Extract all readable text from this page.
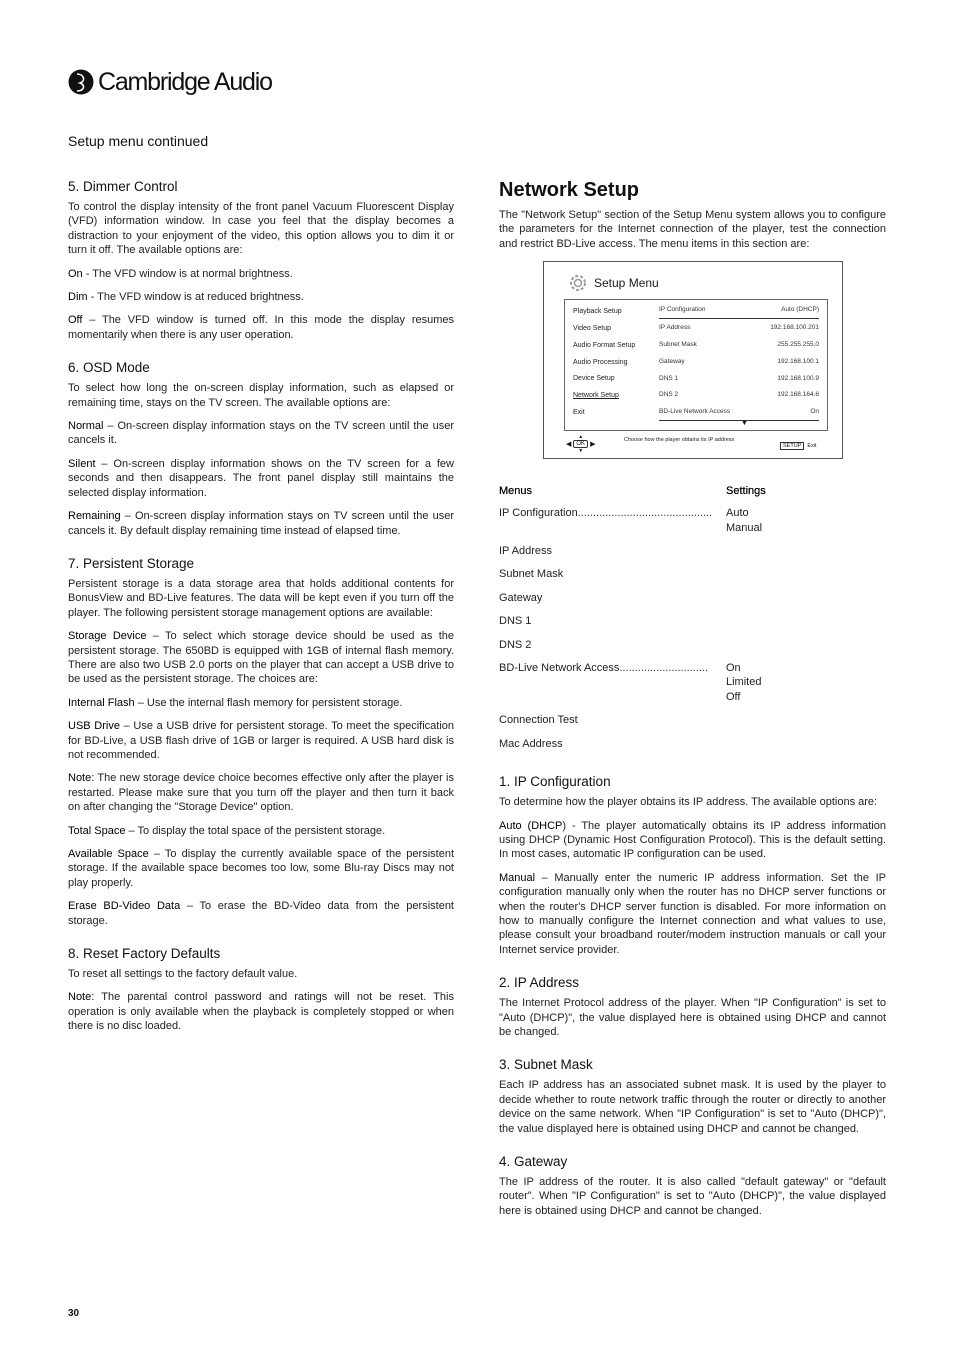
Cambridge Audio
Setup menu continued
5. Dimmer Control

To control the display intensity of the front panel Vacuum Fluorescent Display (VFD) information window. In case you feel that the display becomes a distraction to your enjoyment of the video, this option allows you to dim it or turn it off. The available options are:

On - The VFD window is at normal brightness.

Dim - The VFD window is at reduced brightness.

Off – The VFD window is turned off. In this mode the display resumes momentarily when there is any user operation.

6. OSD Mode

To select how long the on-screen display information, such as elapsed or remaining time, stays on the TV screen. The available options are:

Normal – On-screen display information stays on the TV screen until the user cancels it.

Silent – On-screen display information shows on the TV screen for a few seconds and then disappears. The front panel display still maintains the selected display information.

Remaining – On-screen display information stays on TV screen until the user cancels it. By default display remaining time instead of elapsed time.

7. Persistent Storage

Persistent storage is a data storage area that holds additional contents for BonusView and BD-Live features. The data will be kept even if you turn off the player. The following persistent storage management options are available:

Storage Device – To select which storage device should be used as the persistent storage. The 650BD is equipped with 1GB of internal flash memory. There are also two USB 2.0 ports on the player that can accept a USB drive to be used as the persistent storage. The choices are:

Internal Flash – Use the internal flash memory for persistent storage.

USB Drive – Use a USB drive for persistent storage. To meet the specification for BD-Live, a USB flash drive of 1GB or larger is required. A USB hard disk is not recommended.

Note: The new storage device choice becomes effective only after the player is restarted. Please make sure that you turn off the player and then turn it back on after changing the "Storage Device" option.

Total Space – To display the total space of the persistent storage.

Available Space – To display the currently available space of the persistent storage. If the available space becomes too low, some Blu-ray Discs may not play properly.

Erase BD-Video Data – To erase the BD-Video data from the persistent storage.

8. Reset Factory Defaults

To reset all settings to the factory default value.

Note: The parental control password and ratings will not be reset. This operation is only available when the playback is completely stopped or when there is no disc loaded.

Network Setup

The "Network Setup" section of the Setup Menu system allows you to configure the parameters for the Internet connection of the player, test the connection and restrict BD-Live access. The menu items in this section are:

Setup Menu
Playback Setup
Video Setup
Audio Format Setup
Audio Processing
Device Setup
Network Setup
Exit
IP Configuration	Auto (DHCP)
IP Address	192.168.100.201
Subnet Mask	255.255.255.0
Gateway	192.168.100.1
DNS 1	192.168.100.9
DNS 2	192.168.164.6
BD-Live Network Access	On
▼
◀
▲
OK
▼
▶
Choose how the player obtains its IP address
SETUP Exit
Menus	Settings
IP Configuration............................................	Auto
Manual
IP Address
Subnet Mask
Gateway
DNS 1
DNS 2
BD-Live Network Access.............................	On
Limited
Off
Connection Test
Mac Address
1. IP Configuration

To determine how the player obtains its IP address. The available options are:

Auto (DHCP) - The player automatically obtains its IP address information using DHCP (Dynamic Host Configuration Protocol). This is the default setting. In most cases, automatic IP configuration can be used.

Manual – Manually enter the numeric IP address information. Set the IP configuration manually only when the router has no DHCP server functions or when the router's DHCP server function is disabled. For more information on how to manually configure the Internet connection and what values to use, please consult your broadband router/modem instruction manuals or call your Internet service provider.

2. IP Address

The Internet Protocol address of the player. When "IP Configuration" is set to "Auto (DHCP)", the value displayed here is obtained using DHCP and cannot be changed.

3. Subnet Mask

Each IP address has an associated subnet mask. It is used by the player to decide whether to route network traffic through the router or directly to another device on the same network. When "IP Configuration" is set to "Auto (DHCP)", the value displayed here is obtained using DHCP and cannot be changed.

4. Gateway

The IP address of the router. It is also called "default gateway" or "default router". When "IP Configuration" is set to "Auto (DHCP)", the value displayed here is obtained using DHCP and cannot be changed.

30
